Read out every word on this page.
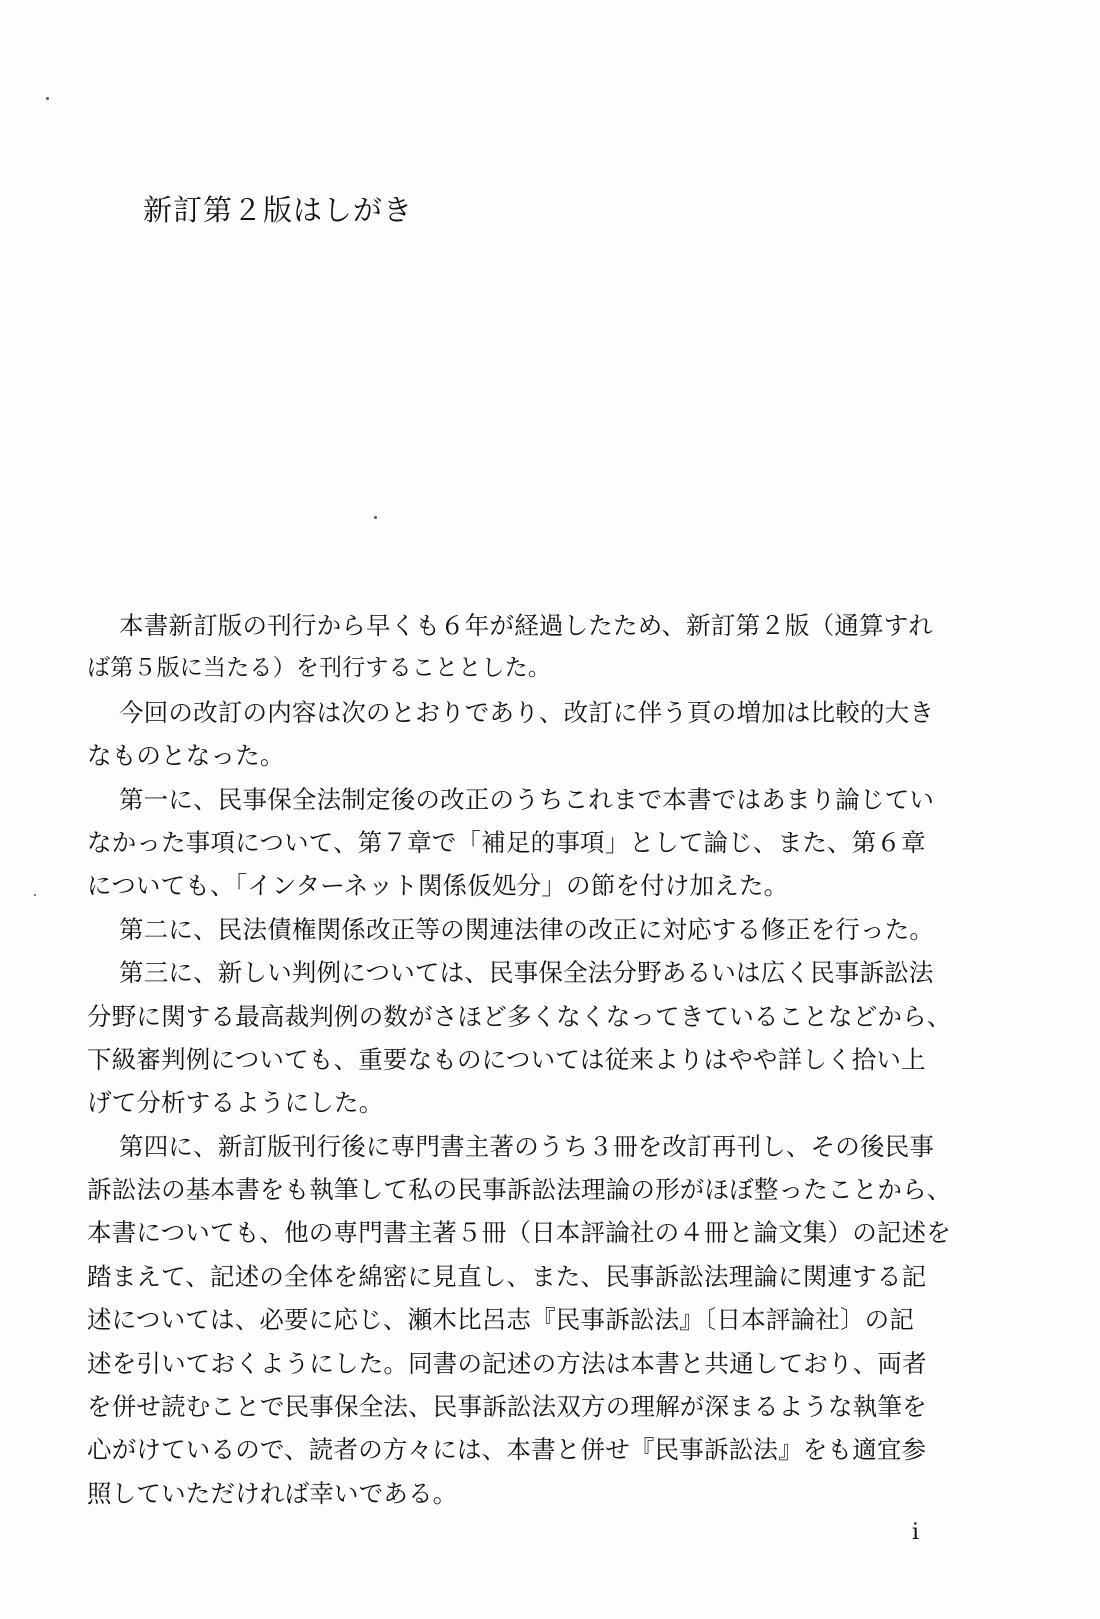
新訂第２版はしがき
本書新訂版の刊行から早くも６年が経過したため、新訂第２版（通算すれ
ば第５版に当たる）を刊行することとした。
今回の改訂の内容は次のとおりであり、改訂に伴う頁の増加は比較的大き
なものとなった。
第一に、民事保全法制定後の改正のうちこれまで本書ではあまり論じてい
なかった事項について、第７章で「補足的事項」として論じ、また、第６章
についても、「インターネット関係仮処分」の節を付け加えた。
第二に、民法債権関係改正等の関連法律の改正に対応する修正を行った。
第三に、新しい判例については、民事保全法分野あるいは広く民事訴訟法
分野に関する最高裁判例の数がさほど多くなくなってきていることなどから、
下級審判例についても、重要なものについては従来よりはやや詳しく拾い上
げて分析するようにした。
第四に、新訂版刊行後に専門書主著のうち３冊を改訂再刊し、その後民事
訴訟法の基本書をも執筆して私の民事訴訟法理論の形がほぼ整ったことから、
本書についても、他の専門書主著５冊（日本評論社の４冊と論文集）の記述を
踏まえて、記述の全体を綿密に見直し、また、民事訴訟法理論に関連する記
述については、必要に応じ、瀬木比呂志『民事訴訟法』〔日本評論社〕の記
述を引いておくようにした。同書の記述の方法は本書と共通しており、両者
を併せ読むことで民事保全法、民事訴訟法双方の理解が深まるような執筆を
心がけているので、読者の方々には、本書と併せ『民事訴訟法』をも適宜参
照していただければ幸いである。
i
